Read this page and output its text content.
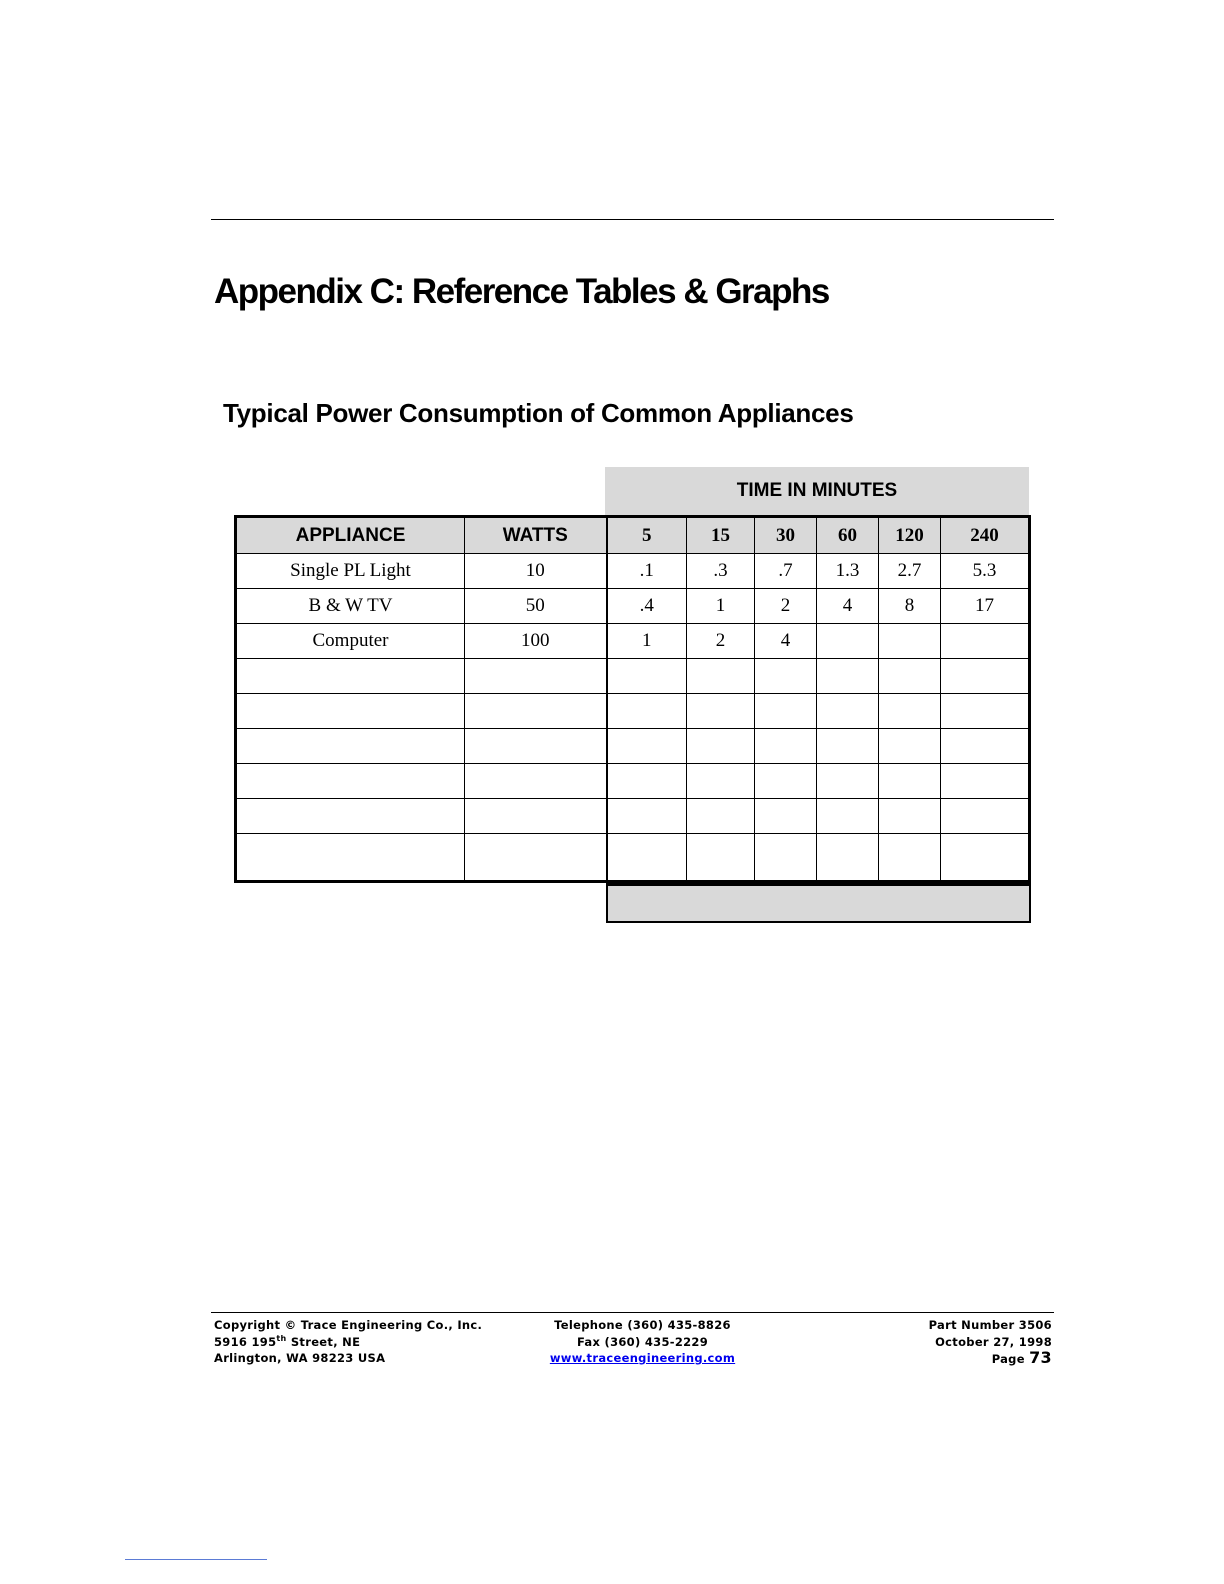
Appendix C: Reference Tables & Graphs
Typical Power Consumption of Common Appliances
TIME IN MINUTES
APPLIANCE	WATTS	5	15	30	60	120	240
Single PL Light	10	.1	.3	.7	1.3	2.7	5.3
B & W TV	50	.4	1	2	4	8	17
Computer	100	1	2	4			

Copyright © Trace Engineering Co., Inc.
5916 195th Street, NE
Arlington, WA 98223 USA
Telephone (360) 435-8826
Fax (360) 435-2229
www.traceengineering.com
Part Number 3506
October 27, 1998
Page 73
